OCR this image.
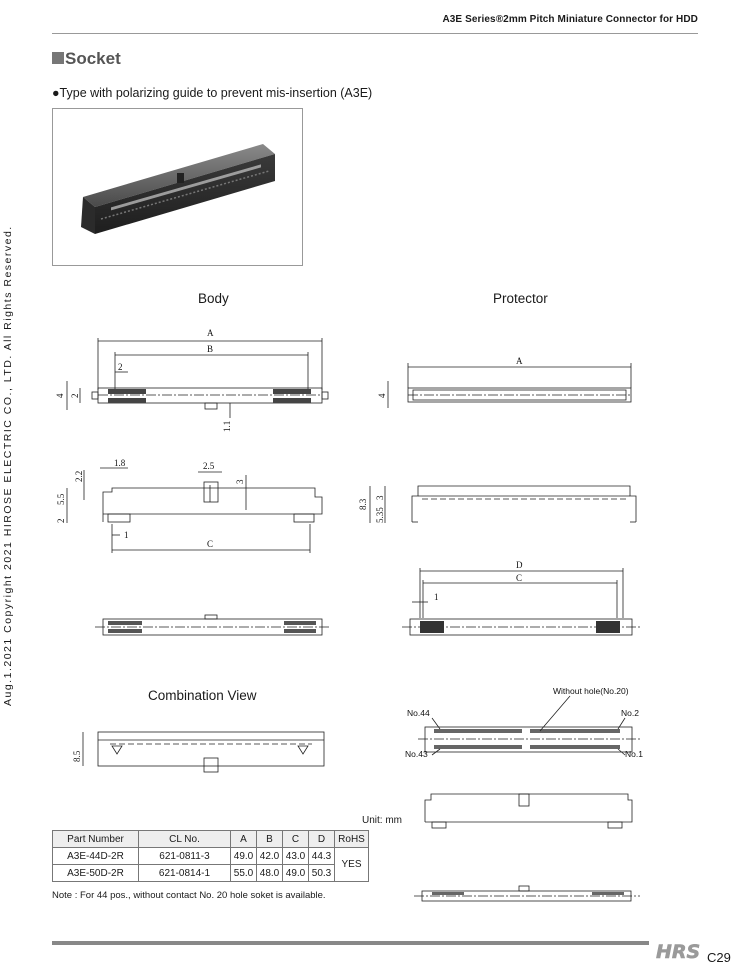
A3E Series®2mm Pitch Miniature Connector for HDD
Socket
●Type with polarizing guide to prevent mis-insertion (A3E)
Aug.1.2021 Copyright 2021 HIROSE ELECTRIC CO., LTD. All Rights Reserved.	Body	Protector
Combination View
A
B
2
1.1
4 2
2.5
1.8
2.2	3
5.5
2
1
C
A
4
8.3
3
5.35
D
C
1
8.5
No.44
No.43
No.2
No.1
Without hole(No.20)
Unit: mm
Part Number	CL No.	A	B	C	D	RoHS
A3E-44D-2R	621-0811-3	49.0	42.0	43.0	44.3	YES
A3E-50D-2R	621-0814-1	55.0	48.0	49.0	50.3	
Note : For 44 pos., without contact No. 20 hole soket is available.
HRS C29
